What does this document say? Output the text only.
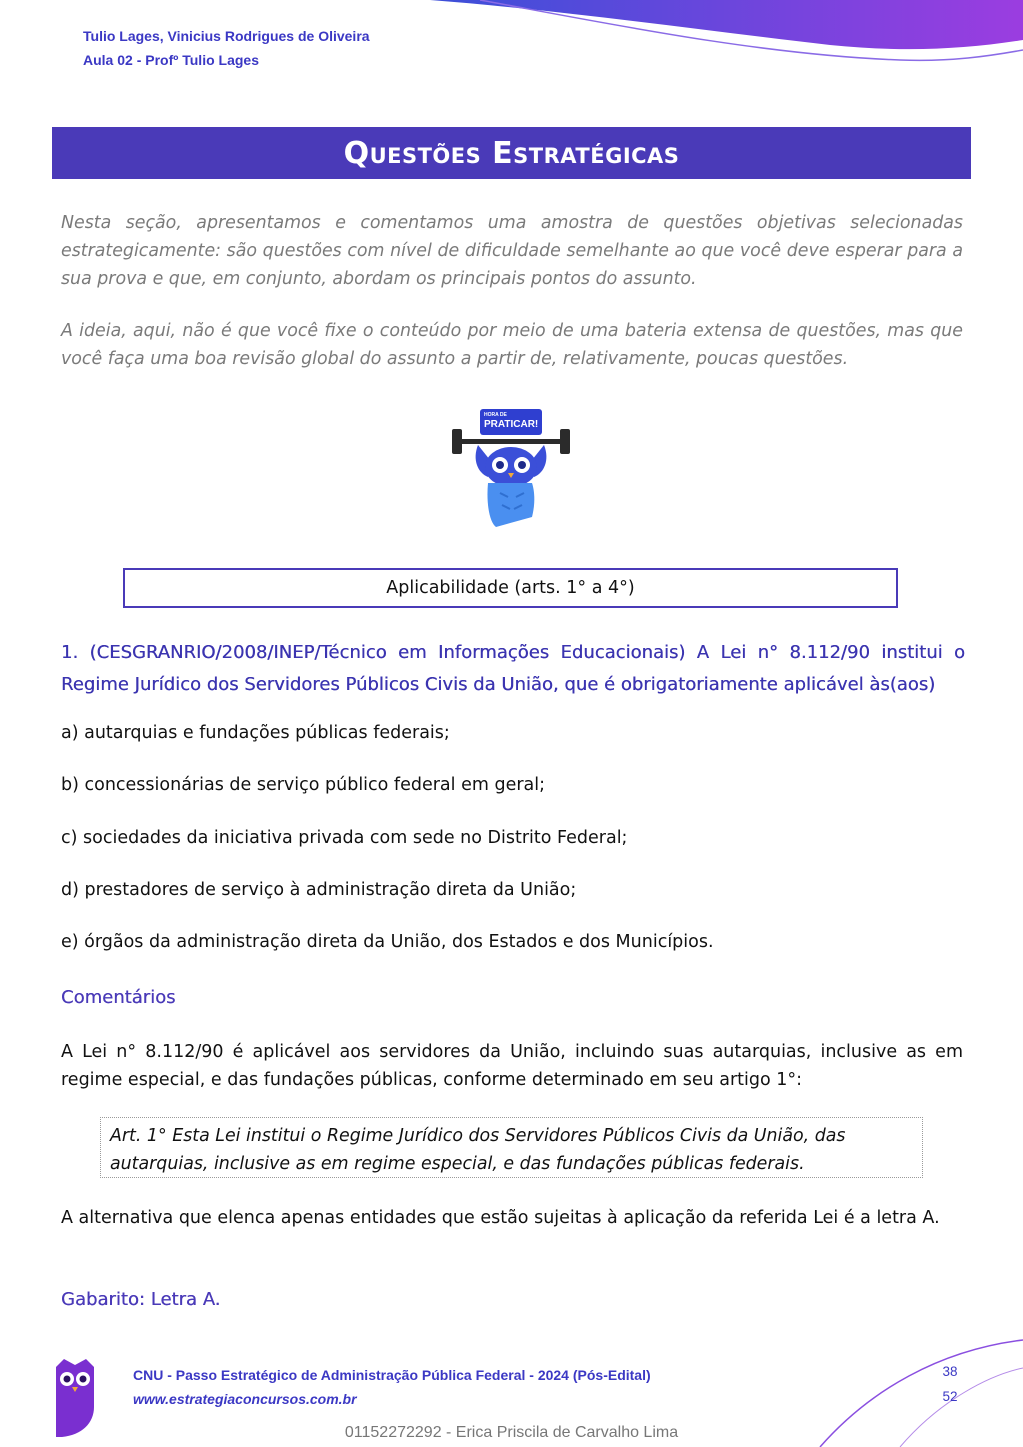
Tulio Lages, Vinicius Rodrigues de Oliveira
Aula 02 - Profº Tulio Lages
Questões Estratégicas

Nesta seção, apresentamos e comentamos uma amostra de questões objetivas selecionadas estrategicamente: são questões com nível de dificuldade semelhante ao que você deve esperar para a sua prova e que, em conjunto, abordam os principais pontos do assunto.

A ideia, aqui, não é que você fixe o conteúdo por meio de uma bateria extensa de questões, mas que você faça uma boa revisão global do assunto a partir de, relativamente, poucas questões.

HORA DE
PRATICAR!
Aplicabilidade (arts. 1° a 4°)

1. (CESGRANRIO/2008/INEP/Técnico em Informações Educacionais) A Lei n° 8.112/90 institui o Regime Jurídico dos Servidores Públicos Civis da União, que é obrigatoriamente aplicável às(aos)

a) autarquias e fundações públicas federais;

b) concessionárias de serviço público federal em geral;

c) sociedades da iniciativa privada com sede no Distrito Federal;

d) prestadores de serviço à administração direta da União;

e) órgãos da administração direta da União, dos Estados e dos Municípios.

Comentários

A Lei n° 8.112/90 é aplicável aos servidores da União, incluindo suas autarquias, inclusive as em regime especial, e das fundações públicas, conforme determinado em seu artigo 1°:

Art. 1° Esta Lei institui o Regime Jurídico dos Servidores Públicos Civis da União, das autarquias, inclusive as em regime especial, e das fundações públicas federais.

A alternativa que elenca apenas entidades que estão sujeitas à aplicação da referida Lei é a letra A.

Gabarito: Letra A.

CNU - Passo Estratégico de Administração Pública Federal - 2024 (Pós-Edital)
www.estrategiaconcursos.com.br
38
52
01152272292 - Erica Priscila de Carvalho Lima
